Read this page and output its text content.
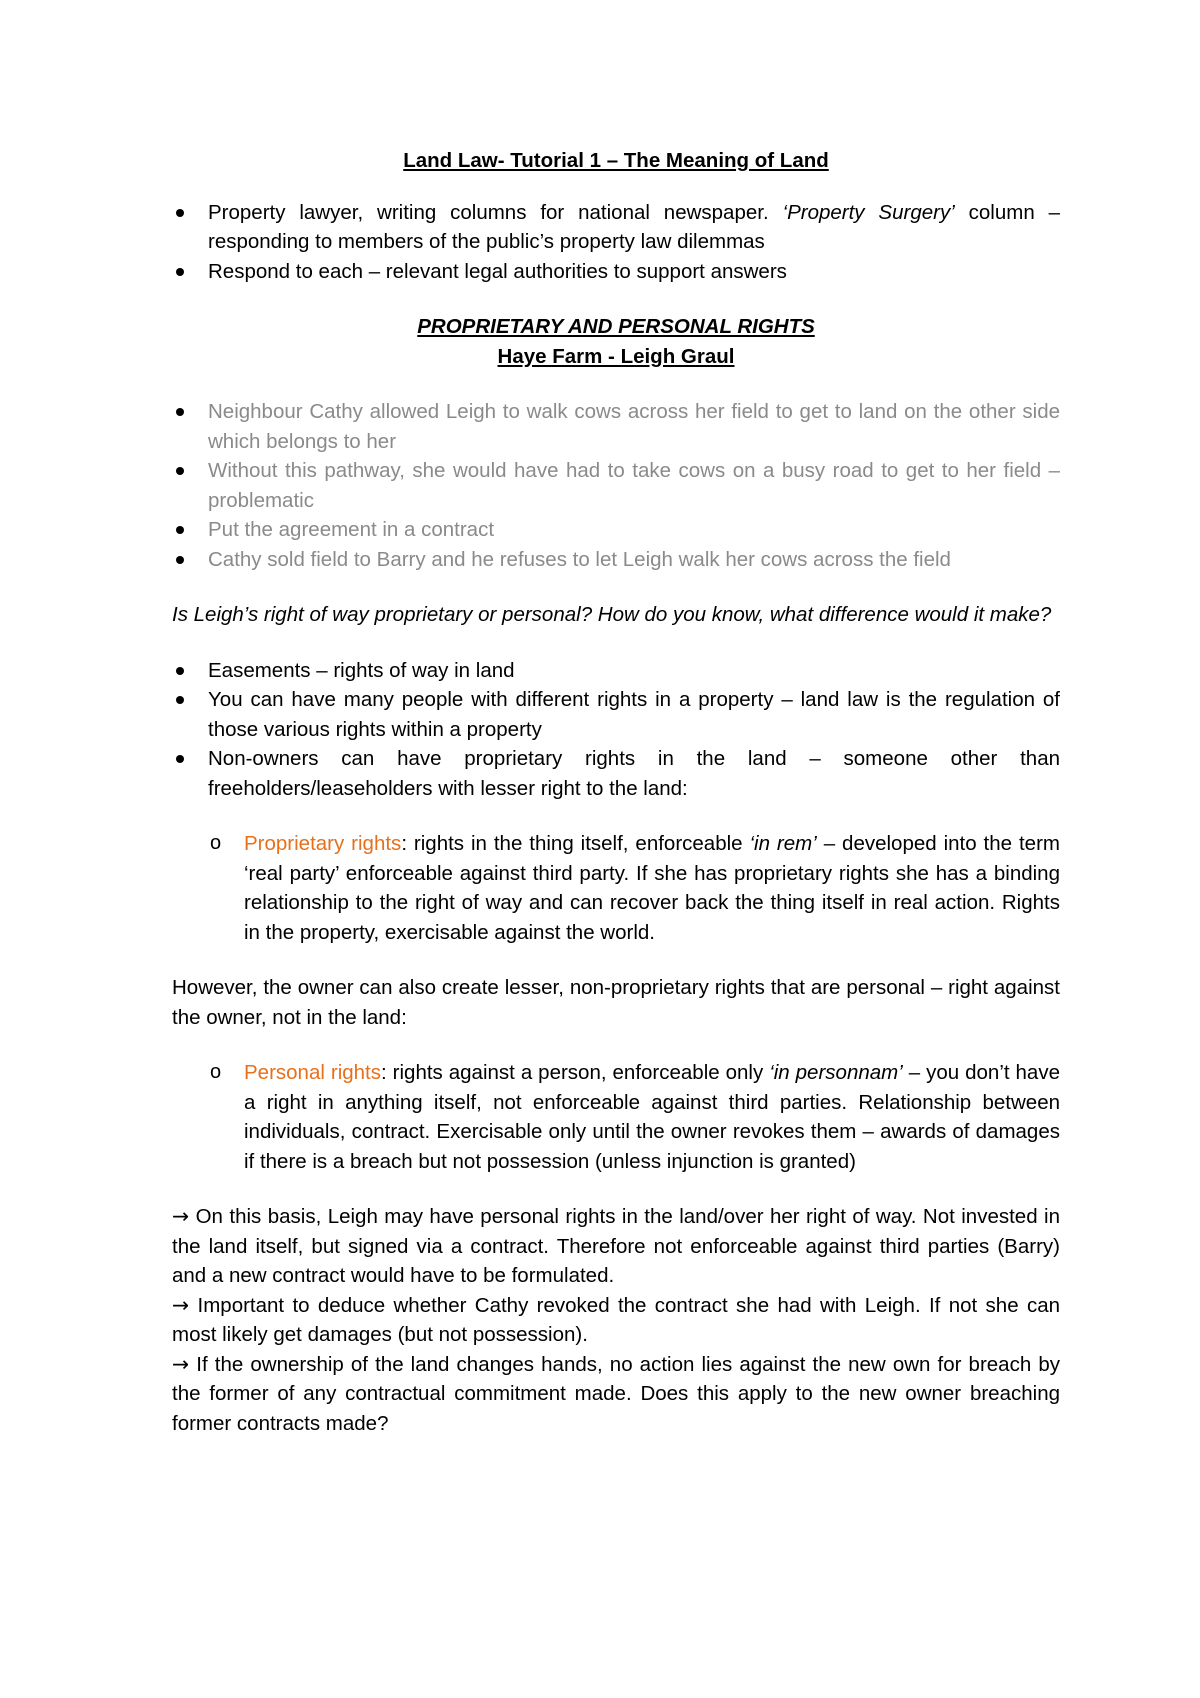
Land Law- Tutorial 1 – The Meaning of Land
Property lawyer, writing columns for national newspaper. ‘Property Surgery’ column – responding to members of the public’s property law dilemmas
Respond to each – relevant legal authorities to support answers
PROPRIETARY AND PERSONAL RIGHTS
Haye Farm - Leigh Graul
Neighbour Cathy allowed Leigh to walk cows across her field to get to land on the other side which belongs to her
Without this pathway, she would have had to take cows on a busy road to get to her field – problematic
Put the agreement in a contract
Cathy sold field to Barry and he refuses to let Leigh walk her cows across the field

Is Leigh’s right of way proprietary or personal? How do you know, what difference would it make?

Easements – rights of way in land
You can have many people with different rights in a property – land law is the regulation of those various rights within a property
Non-owners can have proprietary rights in the land – someone other than freeholders/leaseholders with lesser right to the land:
o Proprietary rights: rights in the thing itself, enforceable ‘in rem’ – developed into the term ‘real party’ enforceable against third party. If she has proprietary rights she has a binding relationship to the right of way and can recover back the thing itself in real action. Rights in the property, exercisable against the world.

However, the owner can also create lesser, non-proprietary rights that are personal – right against the owner, not in the land:

o Personal rights: rights against a person, enforceable only ‘in personnam’ – you don’t have a right in anything itself, not enforceable against third parties. Relationship between individuals, contract. Exercisable only until the owner revokes them – awards of damages if there is a breach but not possession (unless injunction is granted)

→ On this basis, Leigh may have personal rights in the land/over her right of way. Not invested in the land itself, but signed via a contract. Therefore not enforceable against third parties (Barry) and a new contract would have to be formulated.

→ Important to deduce whether Cathy revoked the contract she had with Leigh. If not she can most likely get damages (but not possession).

→ If the ownership of the land changes hands, no action lies against the new own for breach by the former of any contractual commitment made. Does this apply to the new owner breaching former contracts made?
